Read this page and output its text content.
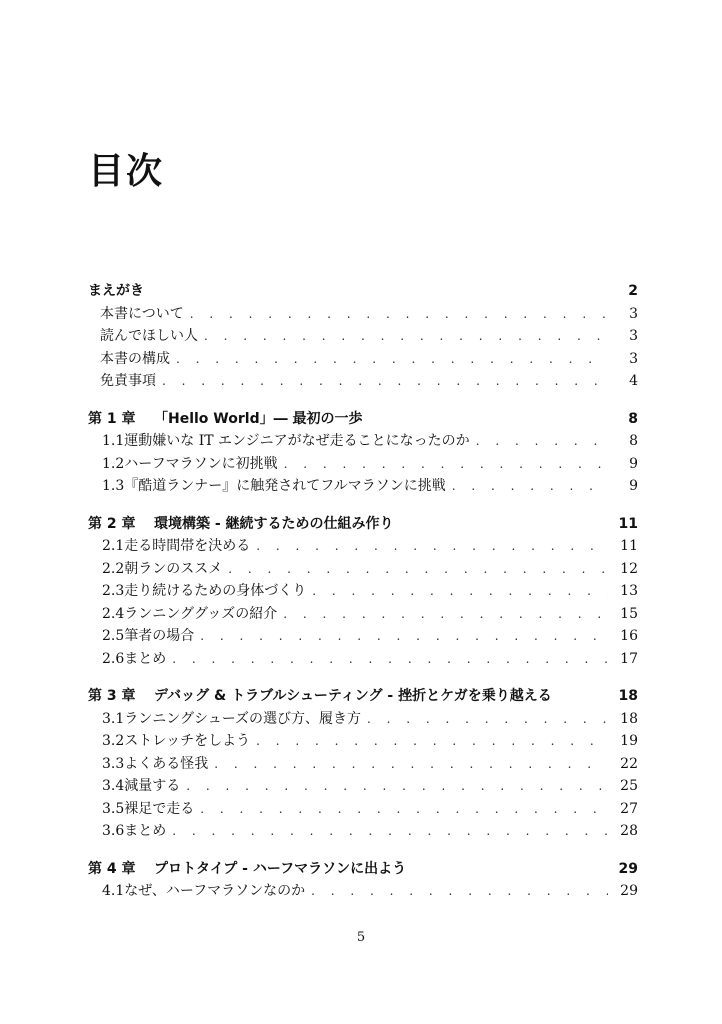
目次
まえがき	2
本書について . . .	3
読んでほしい人 . . .	3
本書の構成 . . .	3
免責事項 . . .	4
第 1 章	「Hello World」― 最初の一歩	8
1.1 運動嫌いな IT エンジニアがなぜ走ることになったのか . . .	8
1.2 ハーフマラソンに初挑戦 . . .	9
1.3 『酷道ランナー』に触発されてフルマラソンに挑戦 . . .	9
第 2 章	環境構築 - 継続するための仕組み作り	11
2.1 走る時間帯を決める . . .	11
2.2 朝ランのススメ . . .	12
2.3 走り続けるための身体づくり . . .	13
2.4 ランニンググッズの紹介 . . .	15
2.5 筆者の場合 . . .	16
2.6 まとめ . . .	17
第 3 章	デバッグ & トラブルシューティング - 挫折とケガを乗り越える	18
3.1 ランニングシューズの選び方、履き方 . . .	18
3.2 ストレッチをしよう . . .	19
3.3 よくある怪我 . . .	22
3.4 減量する . . .	25
3.5 裸足で走る . . .	27
3.6 まとめ . . .	28
第 4 章	プロトタイプ - ハーフマラソンに出よう	29
4.1 なぜ、ハーフマラソンなのか . . .	29
5
